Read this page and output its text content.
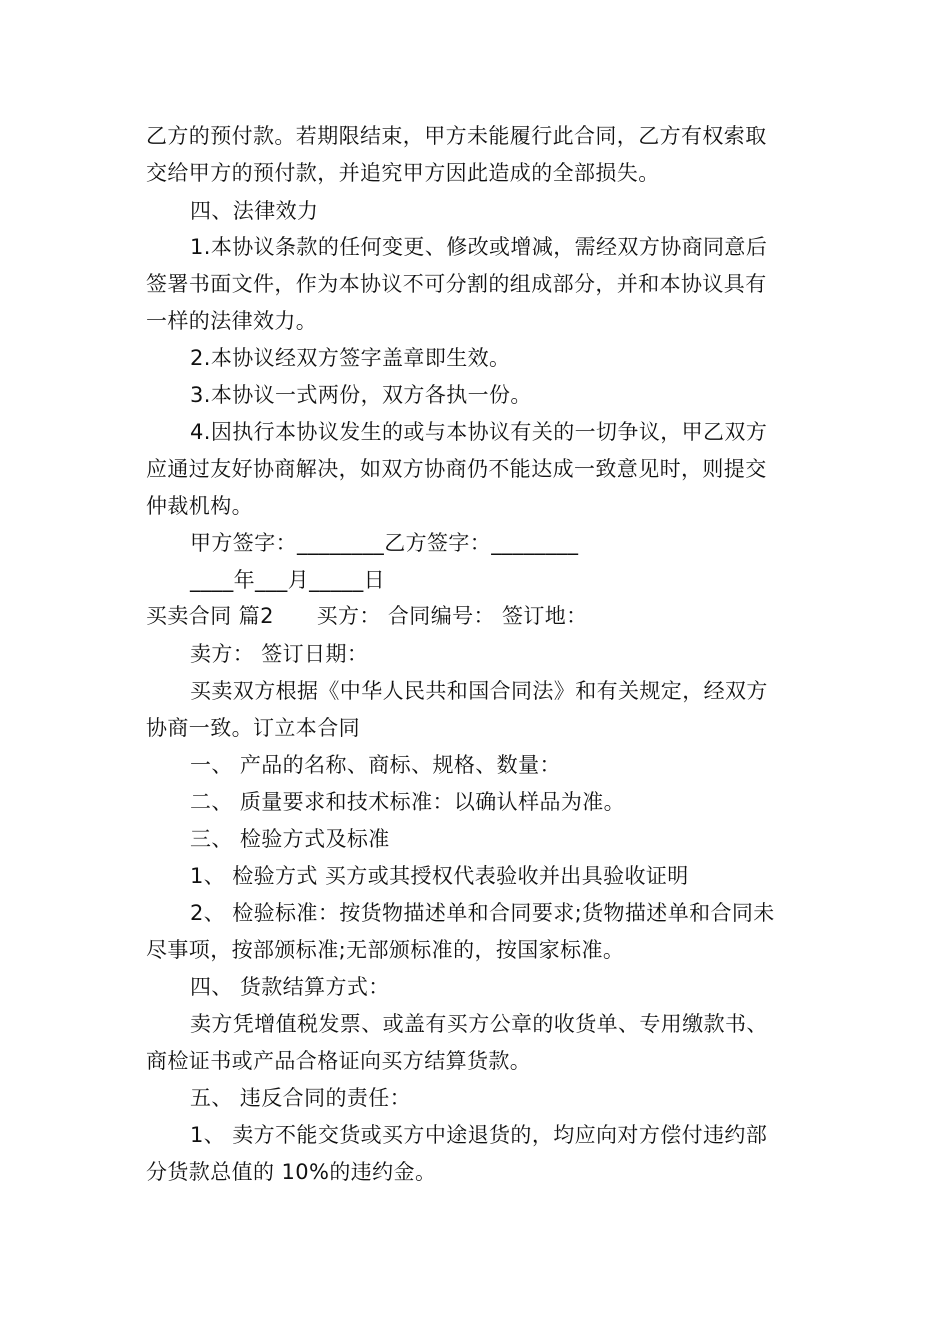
乙方的预付款。若期限结束，甲方未能履行此合同，乙方有权索取
交给甲方的预付款，并追究甲方因此造成的全部损失。
四、法律效力
1.本协议条款的任何变更、修改或增减，需经双方协商同意后
签署书面文件，作为本协议不可分割的组成部分，并和本协议具有
一样的法律效力。
2.本协议经双方签字盖章即生效。
3.本协议一式两份，双方各执一份。
4.因执行本协议发生的或与本协议有关的一切争议，甲乙双方
应通过友好协商解决，如双方协商仍不能达成一致意见时，则提交
仲裁机构。
甲方签字：________乙方签字：________
____年___月_____日
买卖合同 篇2　　买方： 合同编号： 签订地：
卖方： 签订日期：
买卖双方根据《中华人民共和国合同法》和有关规定，经双方
协商一致。订立本合同
一、 产品的名称、商标、规格、数量：
二、 质量要求和技术标准：以确认样品为准。
三、 检验方式及标准
1、 检验方式 买方或其授权代表验收并出具验收证明
2、 检验标准：按货物描述单和合同要求;货物描述单和合同未
尽事项，按部颁标准;无部颁标准的，按国家标准。
四、 货款结算方式：
卖方凭增值税发票、或盖有买方公章的收货单、专用缴款书、
商检证书或产品合格证向买方结算货款。
五、 违反合同的责任：
1、 卖方不能交货或买方中途退货的，均应向对方偿付违约部
分货款总值的 10%的违约金。
